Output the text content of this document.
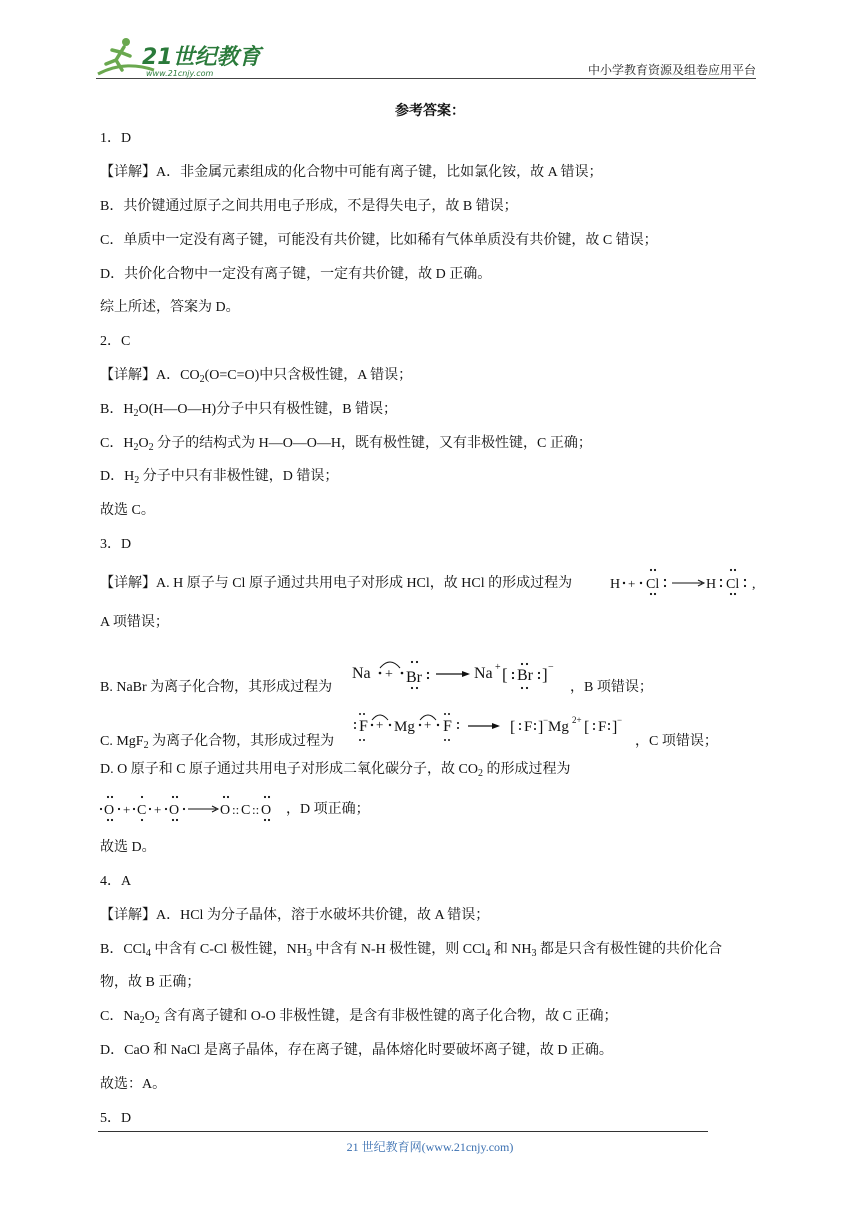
21世纪教育
www.21cnjy.com	中小学教育资源及组卷应用平台
参考答案：
1．D
【详解】A．非金属元素组成的化合物中可能有离子键，比如氯化铵，故 A 错误；
B．共价键通过原子之间共用电子形成，不是得失电子，故 B 错误；
C．单质中一定没有离子键，可能没有共价键，比如稀有气体单质没有共价键，故 C 错误；
D．共价化合物中一定没有离子键，一定有共价键，故 D 正确。
综上所述，答案为 D。
2．C
【详解】A．$CO_2(O=C=O)$中只含极性键，A 错误；
B．$H_2O(H—O—H)$分子中只有极性键，B 错误；
C．$H_2O_2$ 分子的结构式为 H—O—O—H，既有极性键，又有非极性键，C 正确；
D．$H_2$ 分子中只有非极性键，D 错误；
故选 C。
3．D
【详解】A. H 原子与 Cl 原子通过共用电子对形成 HCl，故 HCl 的形成过程为	H + Cl	H Cl ,
A 项错误；
B. NaBr 为离子化合物，其形成过程为
Na + Br	Na + [ Br ] −
，B 项错误；
C. MgF$_2$ 为离子化合物，其形成过程为
F + Mg + F	[ F ] − Mg 2+ [ F ] −
，C 项错误；
D. O 原子和 C 原子通过共用电子对形成二氧化碳分子，故 $CO_2$ 的形成过程为
O + C + O	O :: C :: O ，D 项正确；
故选 D。
4．A
【详解】A．HCl 为分子晶体，溶于水破坏共价键，故 A 错误；
B．CCl$_4$ 中含有 C-Cl 极性键，$NH_3$ 中含有 N-H 极性键，则 CCl$_4$ 和 $NH_3$ 都是只含有极性键的共价化合
物，故 B 正确；
C．$Na_2O_2$ 含有离子键和 O-O 非极性键，是含有非极性键的离子化合物，故 C 正确；
D．CaO 和 NaCl 是离子晶体，存在离子键，晶体熔化时要破坏离子键，故 D 正确。
故选：A。
5．D
21 世纪教育网(www.21cnjy.com)
